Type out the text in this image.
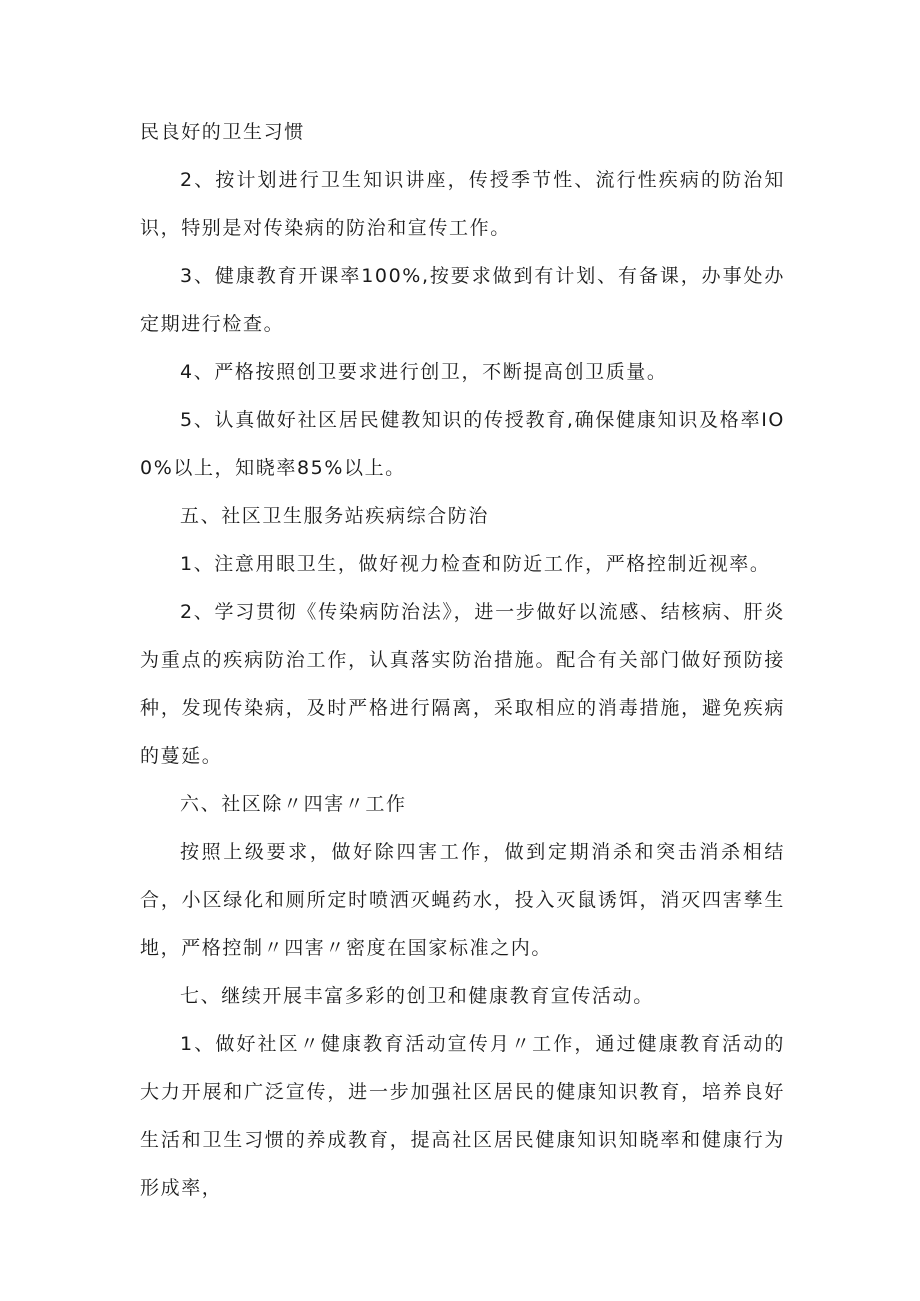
民良好的卫生习惯

2、按计划进行卫生知识讲座，传授季节性、流行性疾病的防治知识，特别是对传染病的防治和宣传工作。

3、健康教育开课率100%,按要求做到有计划、有备课，办事处办定期进行检查。

4、严格按照创卫要求进行创卫，不断提高创卫质量。

5、认真做好社区居民健教知识的传授教育,确保健康知识及格率IO0%以上，知晓率85%以上。

五、社区卫生服务站疾病综合防治

1、注意用眼卫生，做好视力检查和防近工作，严格控制近视率。

2、学习贯彻《传染病防治法》，进一步做好以流感、结核病、肝炎为重点的疾病防治工作，认真落实防治措施。配合有关部门做好预防接种，发现传染病，及时严格进行隔离，采取相应的消毒措施，避免疾病的蔓延。

六、社区除〃四害〃工作

按照上级要求，做好除四害工作，做到定期消杀和突击消杀相结合，小区绿化和厕所定时喷洒灭蝇药水，投入灭鼠诱饵，消灭四害孳生地，严格控制〃四害〃密度在国家标准之内。

七、继续开展丰富多彩的创卫和健康教育宣传活动。

1、做好社区〃健康教育活动宣传月〃工作，通过健康教育活动的大力开展和广泛宣传，进一步加强社区居民的健康知识教育，培养良好生活和卫生习惯的养成教育，提高社区居民健康知识知晓率和健康行为形成率，
